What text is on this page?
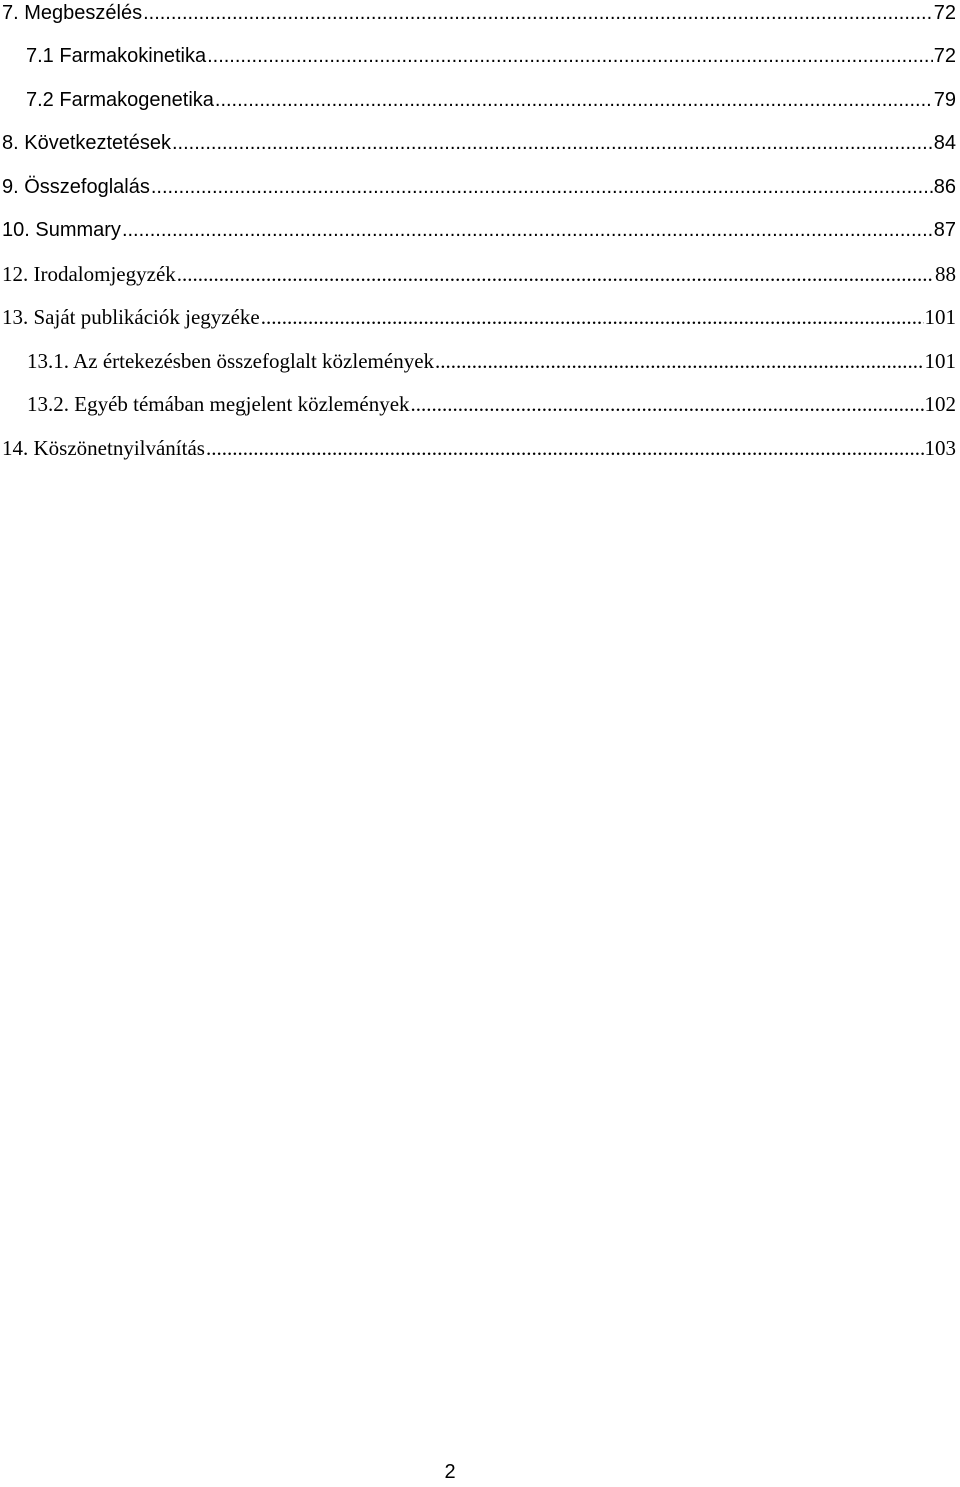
7. Megbeszélés .....	72
7.1 Farmakokinetika .....	72
7.2 Farmakogenetika .....	79
8. Következtetések .....	84
9. Összefoglalás .....	86
10. Summary .....	87
12. Irodalomjegyzék .....	88
13. Saját publikációk jegyzéke .....	101
13.1. Az értekezésben összefoglalt közlemények .....	101
13.2. Egyéb témában megjelent közlemények .....	102
14. Köszönetnyilvánítás .....	103
2
